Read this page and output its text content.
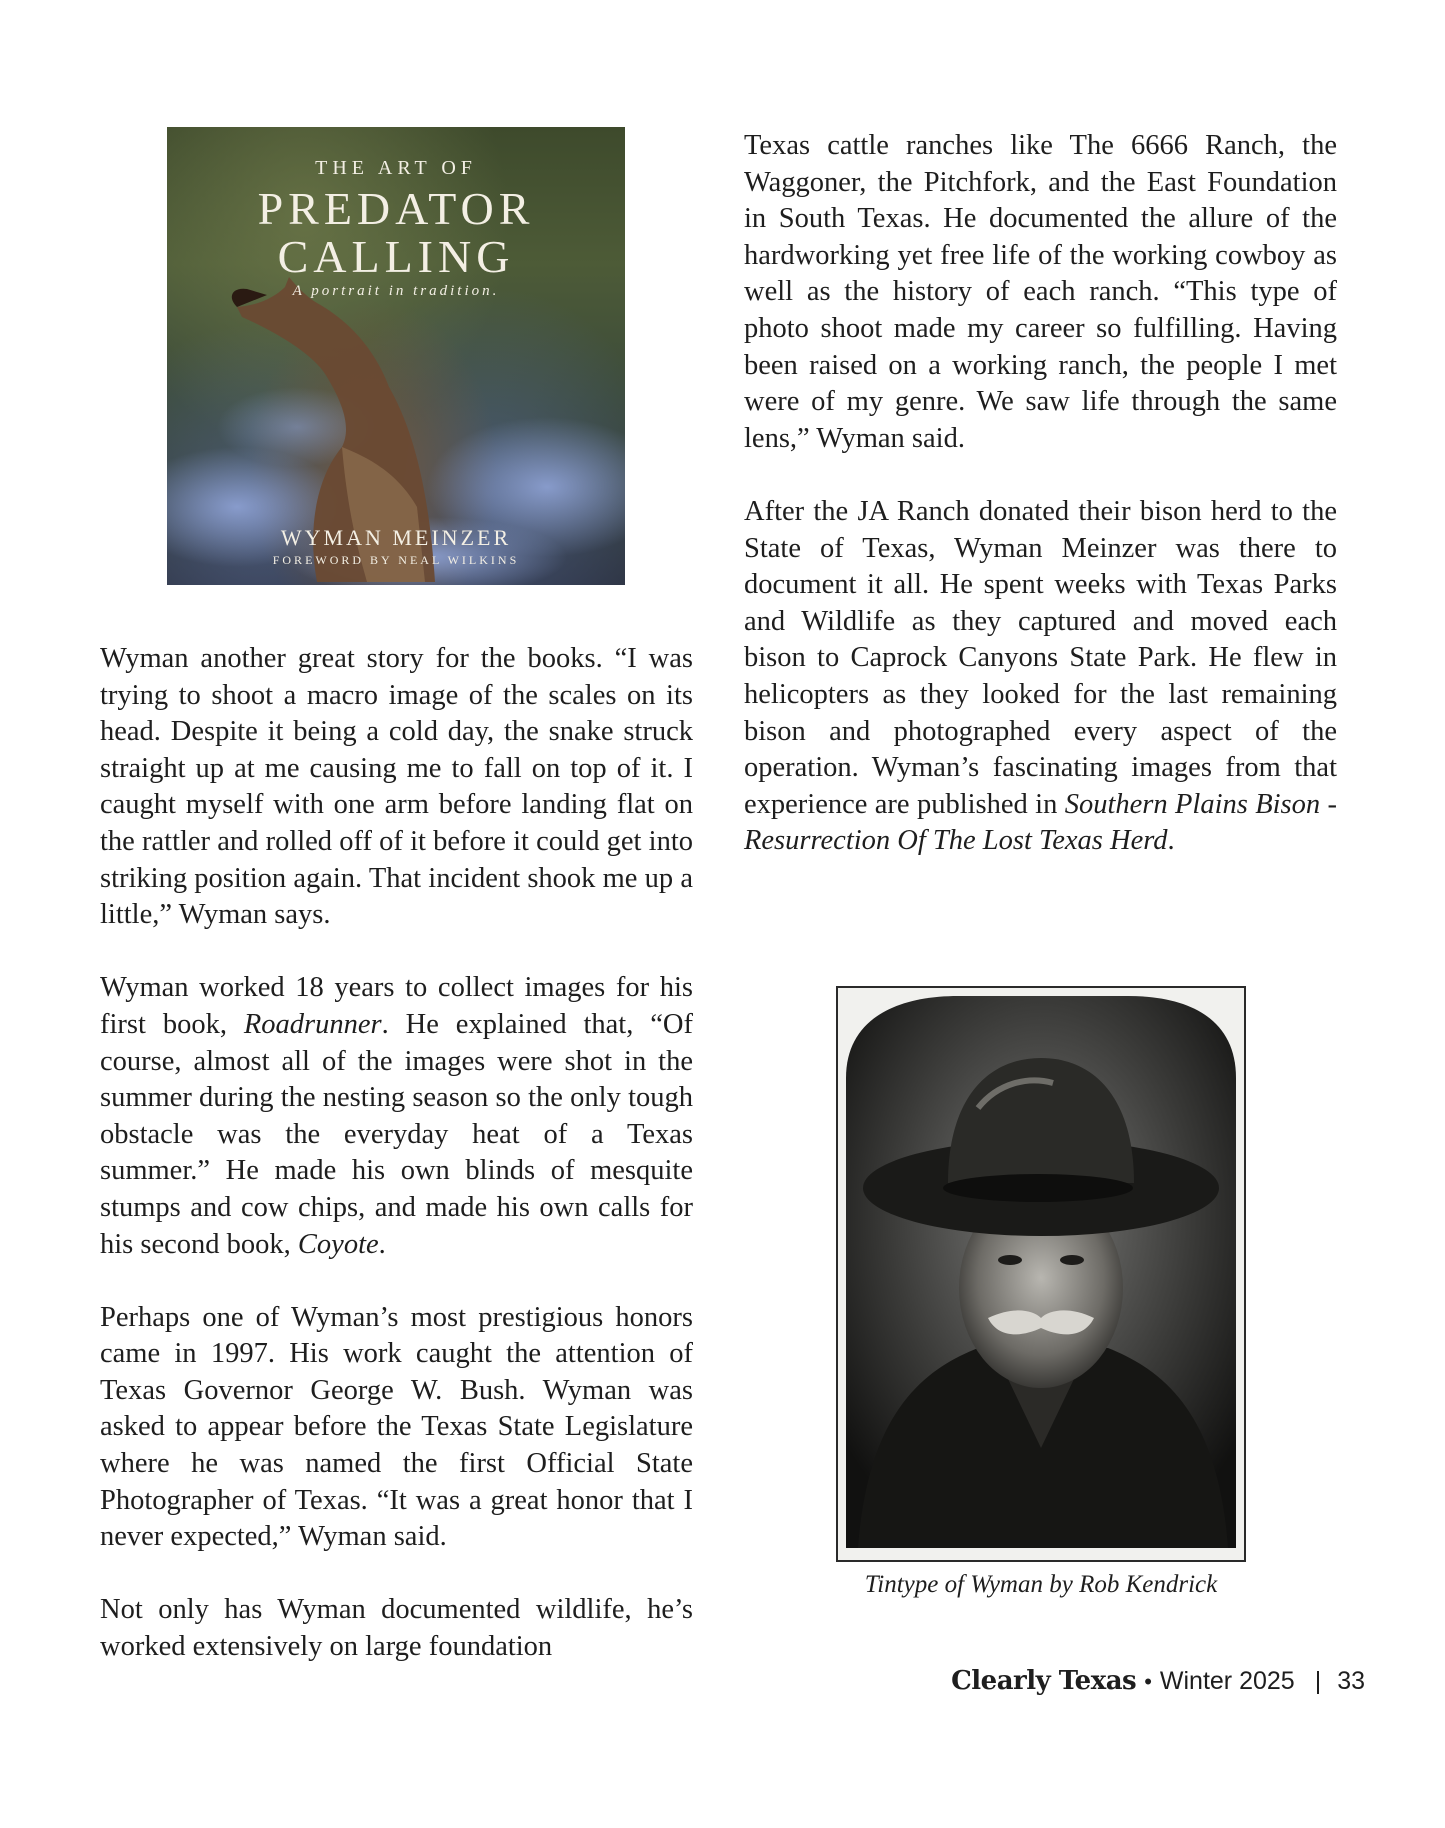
THE ART OF
PREDATOR
CALLING
A portrait in tradition.
WYMAN MEINZER
FOREWORD BY NEAL WILKINS

Wyman another great story for the books. “I was trying to shoot a macro image of the scales on its head. Despite it being a cold day, the snake struck straight up at me causing me to fall on top of it. I caught myself with one arm before landing flat on the rattler and rolled off of it before it could get into striking position again. That incident shook me up a little,” Wyman says.

Wyman worked 18 years to collect images for his first book, Roadrunner. He explained that, “Of course, almost all of the images were shot in the summer during the nesting season so the only tough obstacle was the everyday heat of a Texas summer.” He made his own blinds of mesquite stumps and cow chips, and made his own calls for his second book, Coyote.

Perhaps one of Wyman’s most prestigious honors came in 1997. His work caught the attention of Texas Governor George W. Bush. Wyman was asked to appear before the Texas State Legislature where he was named the first Official State Photographer of Texas. “It was a great honor that I never expected,” Wyman said.

Not only has Wyman documented wildlife, he’s worked extensively on large foundation

Texas cattle ranches like The 6666 Ranch, the Waggoner, the Pitchfork, and the East Foundation in South Texas. He documented the allure of the hardworking yet free life of the working cowboy as well as the history of each ranch. “This type of photo shoot made my career so fulfilling. Having been raised on a working ranch, the people I met were of my genre. We saw life through the same lens,” Wyman said.

After the JA Ranch donated their bison herd to the State of Texas, Wyman Meinzer was there to document it all. He spent weeks with Texas Parks and Wildlife as they captured and moved each bison to Caprock Canyons State Park. He flew in helicopters as they looked for the last remaining bison and photographed every aspect of the operation. Wyman’s fascinating images from that experience are published in Southern Plains Bison - Resurrection Of The Lost Texas Herd.

Tintype of Wyman by Rob Kendrick
Clearly Texas • Winter 2025 | 33
